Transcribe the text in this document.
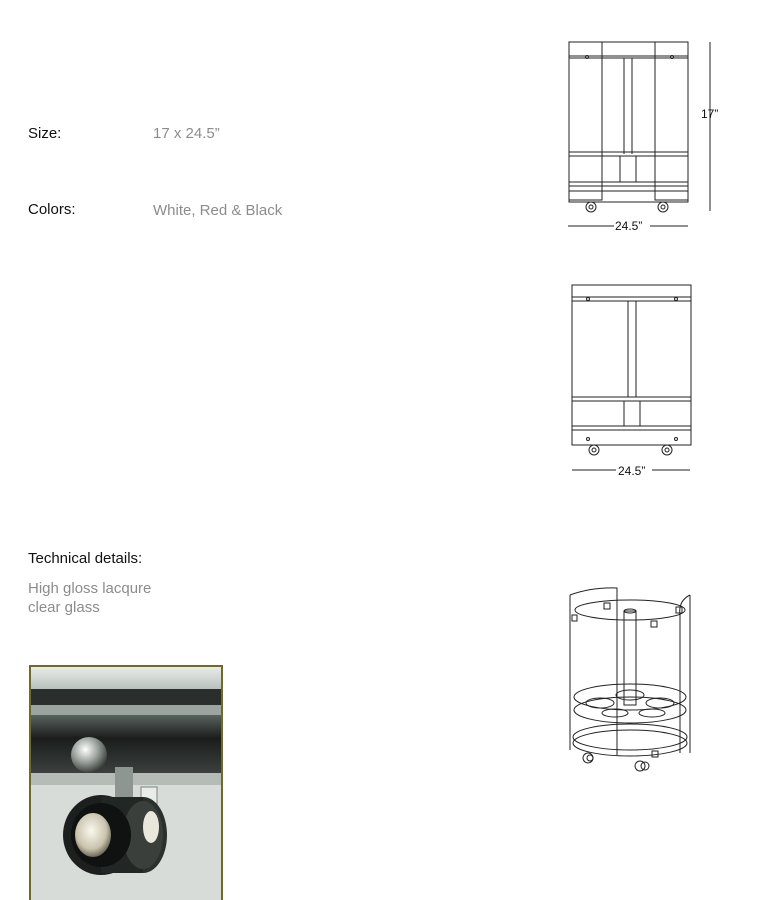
Size:	17 x 24.5”
Colors:	White, Red & Black
Technical details:
High gloss lacqure
clear glass
17”
24.5”
24.5”
